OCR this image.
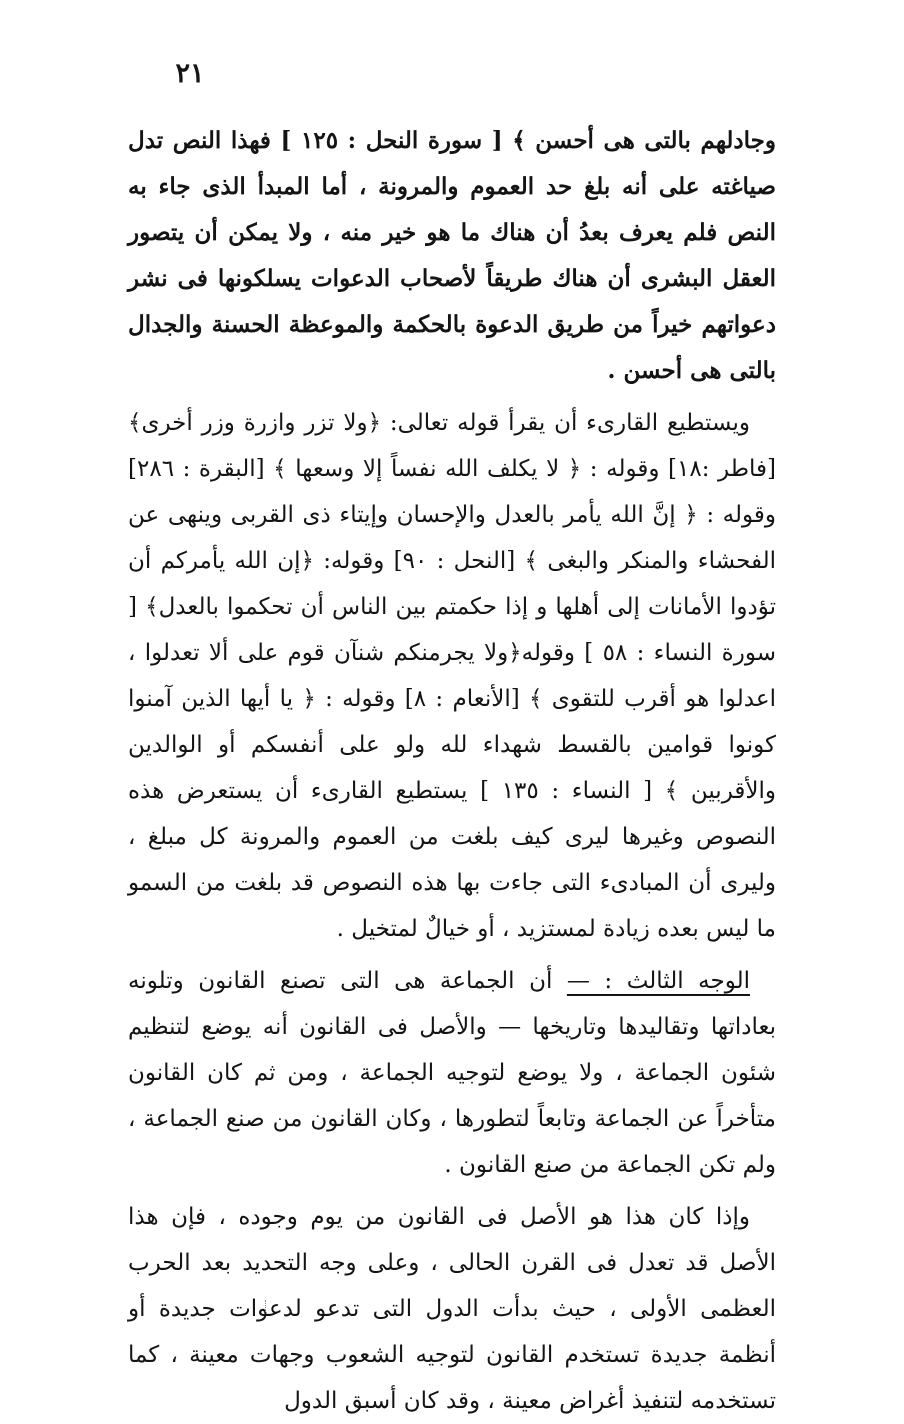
٢١

وجادلهم بالتى هى أحسن ﴾ [ سورة النحل : ١٢٥ ] فهذا النص تدل صياغته على أنه بلغ حد العموم والمرونة ، أما المبدأ الذى جاء به النص فلم يعرف بعدُ أن هناك ما هو خير منه ، ولا يمكن أن يتصور العقل البشرى أن هناك طريقاً لأصحاب الدعوات يسلكونها فى نشر دعواتهم خيراً من طريق الدعوة بالحكمة والموعظة الحسنة والجدال بالتى هى أحسن .

ويستطيع القارىء أن يقرأ قوله تعالى: ﴿ولا تزر وازرة وزر أخرى﴾ [فاطر :١٨] وقوله : ﴿ لا يكلف الله نفساً إلا وسعها ﴾ [البقرة : ٢٨٦] وقوله : ﴿ إنَّ الله يأمر بالعدل والإحسان وإيتاء ذى القربى وينهى عن الفحشاء والمنكر والبغى ﴾ [النحل : ٩٠] وقوله: ﴿إن الله يأمركم أن تؤدوا الأمانات إلى أهلها و إذا حكمتم بين الناس أن تحكموا بالعدل﴾ [ سورة النساء : ٥٨ ] وقوله﴿ولا يجرمنكم شنآن قوم على ألا تعدلوا ، اعدلوا هو أقرب للتقوى ﴾ [الأنعام : ٨] وقوله : ﴿ يا أيها الذين آمنوا كونوا قوامين بالقسط شهداء لله ولو على أنفسكم أو الوالدين والأقربين ﴾ [ النساء : ١٣٥ ] يستطيع القارىء أن يستعرض هذه النصوص وغيرها ليرى كيف بلغت من العموم والمرونة كل مبلغ ، وليرى أن المبادىء التى جاءت بها هذه النصوص قد بلغت من السمو ما ليس بعده زيادة لمستزيد ، أو خيالٌ لمتخيل .

الوجه الثالث : — أن الجماعة هى التى تصنع القانون وتلونه بعاداتها وتقاليدها وتاريخها — والأصل فى القانون أنه يوضع لتنظيم شئون الجماعة ، ولا يوضع لتوجيه الجماعة ، ومن ثم كان القانون متأخراً عن الجماعة وتابعاً لتطورها ، وكان القانون من صنع الجماعة ، ولم تكن الجماعة من صنع القانون .

وإذا كان هذا هو الأصل فى القانون من يوم وجوده ، فإن هذا الأصل قد تعدل فى القرن الحالى ، وعلى وجه التحديد بعد الحرب العظمى الأولى ، حيث بدأت الدول التى تدعو لدعوات جديدة أو أنظمة جديدة تستخدم القانون لتوجيه الشعوب وجهات معينة ، كما تستخدمه لتنفيذ أغراض معينة ، وقد كان أسبق الدول
